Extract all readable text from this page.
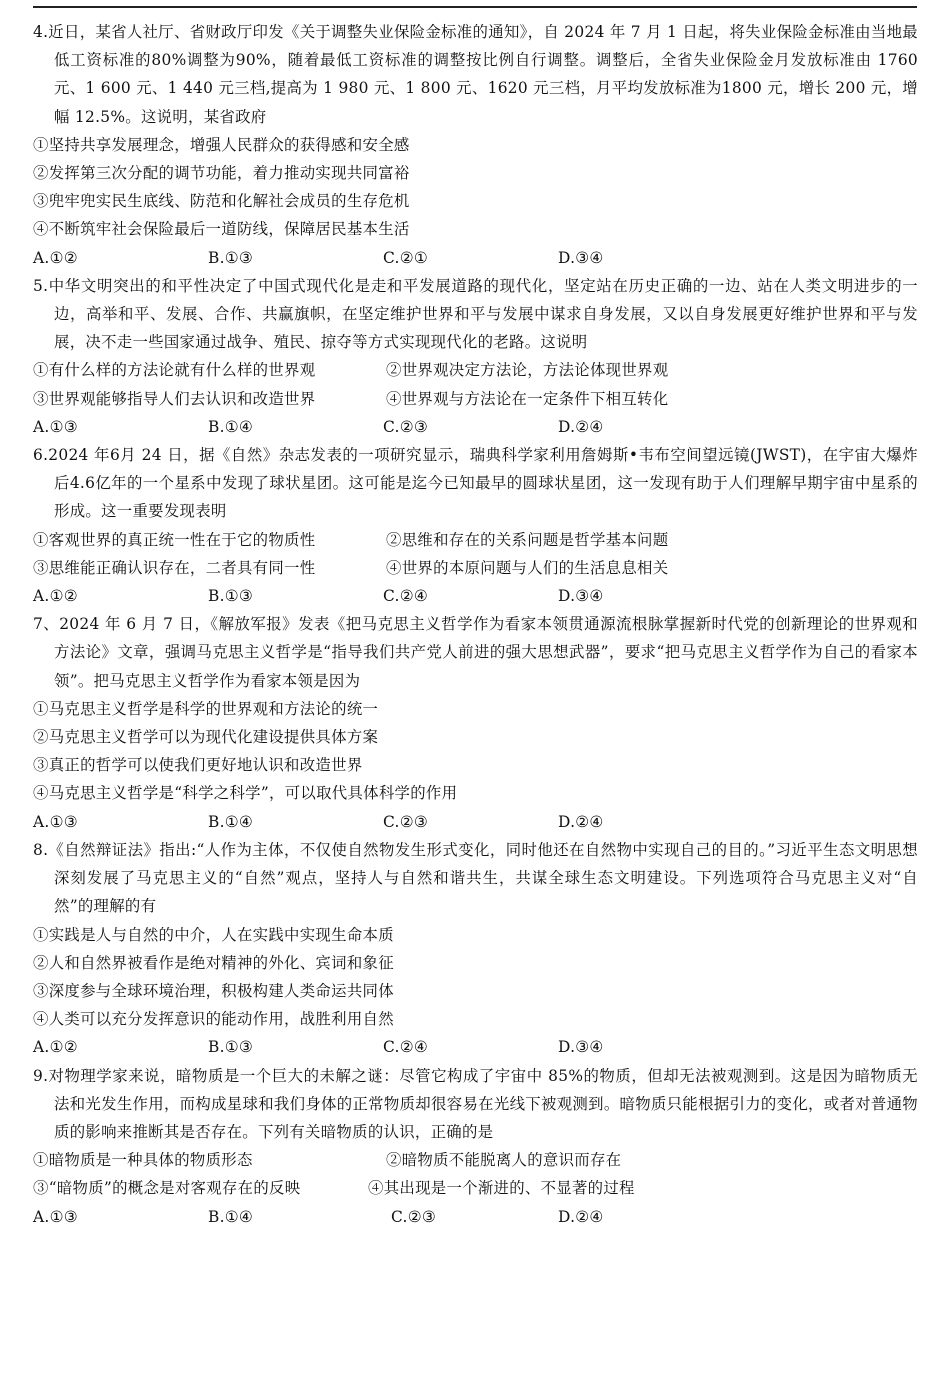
4.近日，某省人社厅、省财政厅印发《关于调整失业保险金标准的通知》，自 2024 年 7 月 1 日起，将失业保险金标准由当地最低工资标准的80%调整为90%，随着最低工资标准的调整按比例自行调整。调整后，全省失业保险金月发放标准由 1760 元、1 600 元、1 440 元三档,提高为 1 980 元、1 800 元、1620 元三档，月平均发放标准为1800 元，增长 200 元，增幅 12.5%。这说明，某省政府
①坚持共享发展理念，增强人民群众的获得感和安全感
②发挥第三次分配的调节功能，着力推动实现共同富裕
③兜牢兜实民生底线、防范和化解社会成员的生存危机
④不断筑牢社会保险最后一道防线，保障居民基本生活
A.①②	B.①③	C.②①	D.③④
5.中华文明突出的和平性决定了中国式现代化是走和平发展道路的现代化，坚定站在历史正确的一边、站在人类文明进步的一边，高举和平、发展、合作、共赢旗帜，在坚定维护世界和平与发展中谋求自身发展，又以自身发展更好维护世界和平与发展，决不走一些国家通过战争、殖民、掠夺等方式实现现代化的老路。这说明
①有什么样的方法论就有什么样的世界观	②世界观决定方法论，方法论体现世界观
③世界观能够指导人们去认识和改造世界	④世界观与方法论在一定条件下相互转化
A.①③	B.①④	C.②③	D.②④
6.2024 年6月 24 日，据《自然》杂志发表的一项研究显示，瑞典科学家利用詹姆斯•韦布空间望远镜(JWST)，在宇宙大爆炸后4.6亿年的一个星系中发现了球状星团。这可能是迄今已知最早的圆球状星团，这一发现有助于人们理解早期宇宙中星系的形成。这一重要发现表明
①客观世界的真正统一性在于它的物质性	②思维和存在的关系问题是哲学基本问题
③思维能正确认识存在，二者具有同一性	④世界的本原问题与人们的生活息息相关
A.①②	B.①③	C.②④	D.③④
7、2024 年 6 月 7 日，《解放军报》发表《把马克思主义哲学作为看家本领贯通源流根脉掌握新时代党的创新理论的世界观和方法论》文章，强调马克思主义哲学是“指导我们共产党人前进的强大思想武器”，要求“把马克思主义哲学作为自己的看家本领”。把马克思主义哲学作为看家本领是因为
①马克思主义哲学是科学的世界观和方法论的统一
②马克思主义哲学可以为现代化建设提供具体方案
③真正的哲学可以使我们更好地认识和改造世界
④马克思主义哲学是“科学之科学”，可以取代具体科学的作用
A.①③	B.①④	C.②③	D.②④
8.《自然辩证法》指出:“人作为主体，不仅使自然物发生形式变化，同时他还在自然物中实现自己的目的。”习近平生态文明思想深刻发展了马克思主义的“自然”观点，坚持人与自然和谐共生，共谋全球生态文明建设。下列选项符合马克思主义对“自然”的理解的有
①实践是人与自然的中介，人在实践中实现生命本质
②人和自然界被看作是绝对精神的外化、宾词和象征
③深度参与全球环境治理，积极构建人类命运共同体
④人类可以充分发挥意识的能动作用，战胜利用自然
A.①②	B.①③	C.②④	D.③④
9.对物理学家来说，暗物质是一个巨大的未解之谜：尽管它构成了宇宙中 85%的物质，但却无法被观测到。这是因为暗物质无法和光发生作用，而构成星球和我们身体的正常物质却很容易在光线下被观测到。暗物质只能根据引力的变化，或者对普通物质的影响来推断其是否存在。下列有关暗物质的认识，正确的是
①暗物质是一种具体的物质形态	②暗物质不能脱离人的意识而存在
③“暗物质”的概念是对客观存在的反映	④其出现是一个渐进的、不显著的过程
A.①③	B.①④	C.②③	D.②④
